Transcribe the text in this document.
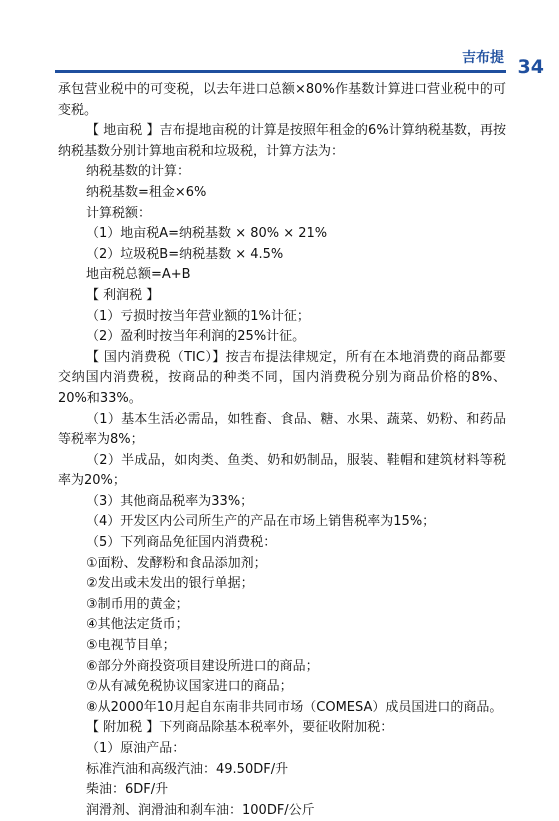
吉布提 34

承包营业税中的可变税，以去年进口总额×80%作基数计算进口营业税中的可变税。

【 地亩税 】吉布提地亩税的计算是按照年租金的6%计算纳税基数，再按纳税基数分别计算地亩税和垃圾税，计算方法为：

纳税基数的计算：

纳税基数=租金×6%

计算税额：

（1）地亩税A=纳税基数 × 80% × 21%

（2）垃圾税B=纳税基数 × 4.5%

地亩税总额=A+B

【 利润税 】

（1）亏损时按当年营业额的1%计征；

（2）盈利时按当年利润的25%计征。

【 国内消费税（TIC）】按吉布提法律规定，所有在本地消费的商品都要交纳国内消费税，按商品的种类不同，国内消费税分别为商品价格的8%、20%和33%。

（1）基本生活必需品，如牲畜、食品、糖、水果、蔬菜、奶粉、和药品等税率为8%；

（2）半成品，如肉类、鱼类、奶和奶制品，服装、鞋帽和建筑材料等税率为20%；

（3）其他商品税率为33%；

（4）开发区内公司所生产的产品在市场上销售税率为15%；

（5）下列商品免征国内消费税：

①面粉、发酵粉和食品添加剂；

②发出或未发出的银行单据；

③制币用的黄金；

④其他法定货币；

⑤电视节目单；

⑥部分外商投资项目建设所进口的商品；

⑦从有减免税协议国家进口的商品；

⑧从2000年10月起自东南非共同市场（COMESA）成员国进口的商品。

【 附加税 】下列商品除基本税率外，要征收附加税：

（1）原油产品：

标准汽油和高级汽油：49.50DF/升

柴油：6DF/升

润滑剂、润滑油和刹车油：100DF/公斤
